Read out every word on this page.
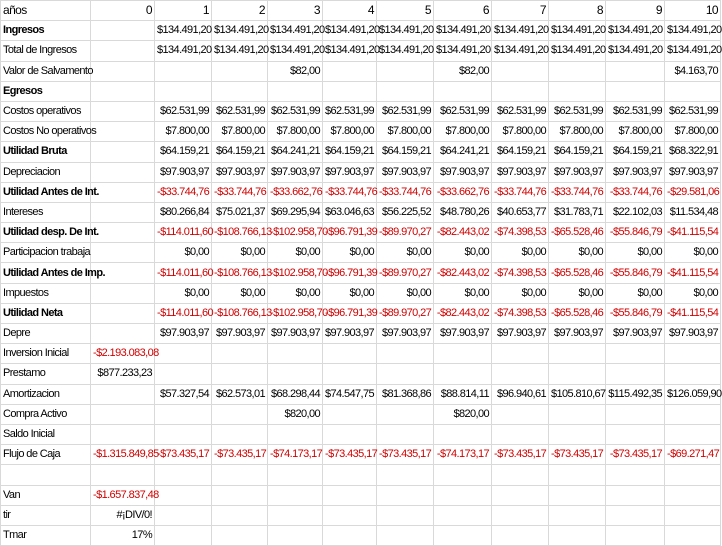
años	0	1	2	3	4	5	6	7	8	9	10
Ingresos		$134.491,20	$134.491,20	$134.491,20	$134.491,20	$134.491,20	$134.491,20	$134.491,20	$134.491,20	$134.491,20	$134.491,20
Total de Ingresos		$134.491,20	$134.491,20	$134.491,20	$134.491,20	$134.491,20	$134.491,20	$134.491,20	$134.491,20	$134.491,20	$134.491,20
Valor de Salvamento				$82,00			$82,00				$4.163,70
Egresos											
Costos operativos		$62.531,99	$62.531,99	$62.531,99	$62.531,99	$62.531,99	$62.531,99	$62.531,99	$62.531,99	$62.531,99	$62.531,99
Costos No operativos		$7.800,00	$7.800,00	$7.800,00	$7.800,00	$7.800,00	$7.800,00	$7.800,00	$7.800,00	$7.800,00	$7.800,00
Utilidad Bruta		$64.159,21	$64.159,21	$64.241,21	$64.159,21	$64.159,21	$64.241,21	$64.159,21	$64.159,21	$64.159,21	$68.322,91
Depreciacion		$97.903,97	$97.903,97	$97.903,97	$97.903,97	$97.903,97	$97.903,97	$97.903,97	$97.903,97	$97.903,97	$97.903,97
Utilidad Antes de Int.		-$33.744,76	-$33.744,76	-$33.662,76	-$33.744,76	-$33.744,76	-$33.662,76	-$33.744,76	-$33.744,76	-$33.744,76	-$29.581,06
Intereses		$80.266,84	$75.021,37	$69.295,94	$63.046,63	$56.225,52	$48.780,26	$40.653,77	$31.783,71	$22.102,03	$11.534,48
Utilidad desp. De Int.		-$114.011,60	-$108.766,13	-$102.958,70	-$96.791,39	-$89.970,27	-$82.443,02	-$74.398,53	-$65.528,46	-$55.846,79	-$41.115,54
Participacion trabaja		$0,00	$0,00	$0,00	$0,00	$0,00	$0,00	$0,00	$0,00	$0,00	$0,00
Utilidad Antes de Imp.		-$114.011,60	-$108.766,13	-$102.958,70	-$96.791,39	-$89.970,27	-$82.443,02	-$74.398,53	-$65.528,46	-$55.846,79	-$41.115,54
Impuestos		$0,00	$0,00	$0,00	$0,00	$0,00	$0,00	$0,00	$0,00	$0,00	$0,00
Utilidad Neta		-$114.011,60	-$108.766,13	-$102.958,70	-$96.791,39	-$89.970,27	-$82.443,02	-$74.398,53	-$65.528,46	-$55.846,79	-$41.115,54
Depre		$97.903,97	$97.903,97	$97.903,97	$97.903,97	$97.903,97	$97.903,97	$97.903,97	$97.903,97	$97.903,97	$97.903,97
Inversion Inicial	-$2.193.083,08										
Prestamo	$877.233,23										
Amortizacion		$57.327,54	$62.573,01	$68.298,44	$74.547,75	$81.368,86	$88.814,11	$96.940,61	$105.810,67	$115.492,35	$126.059,90
Compra Activo				$820,00			$820,00				
Saldo Inicial											
Flujo de Caja	-$1.315.849,85	-$73.435,17	-$73.435,17	-$74.173,17	-$73.435,17	-$73.435,17	-$74.173,17	-$73.435,17	-$73.435,17	-$73.435,17	-$69.271,47

Van	-$1.657.837,48										
tir	#¡DIV/0!										
Tmar	17%										
